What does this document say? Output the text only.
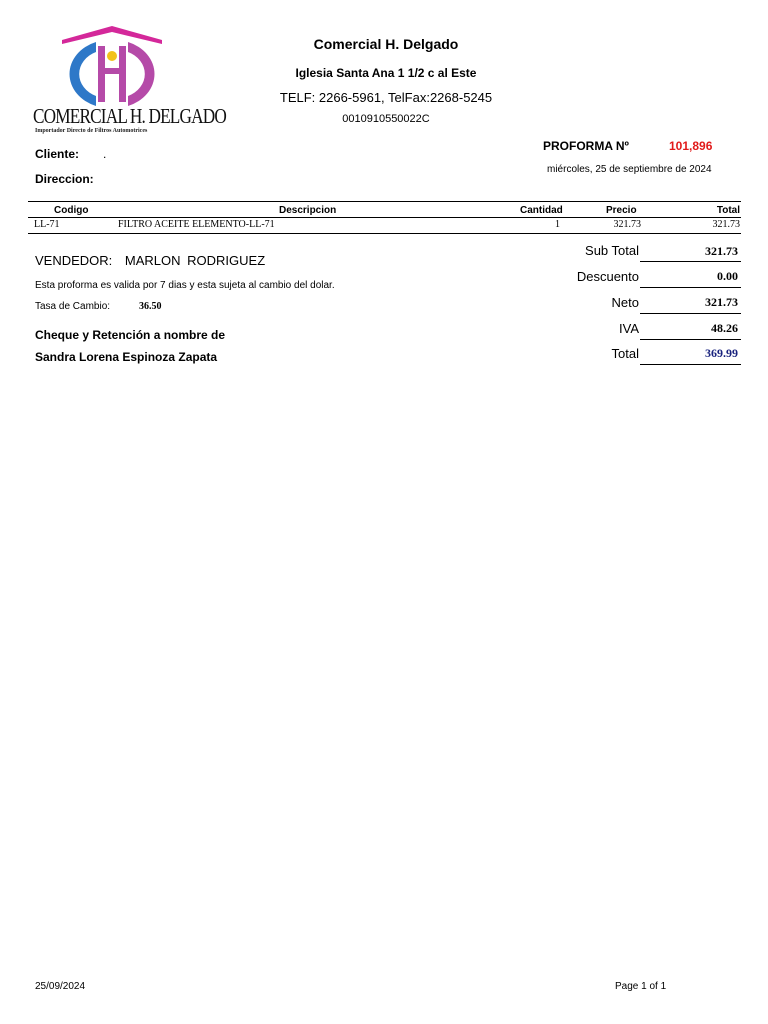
COMERCIAL H. DELGADO
Importador Directo de Filtros Automotrices
Comercial H. Delgado
Iglesia Santa Ana 1 1/2 c al Este
TELF: 2266-5961, TelFax:2268-5245
0010910550022C
PROFORMA Nº	101,896
miércoles, 25 de septiembre de 2024
Cliente: .
Direccion:
Codigo	Descripcion	Cantidad	Precio	Total
LL-71	FILTRO ACEITE ELEMENTO-LL-71	1	321.73	321.73
VENDEDOR: MARLON RODRIGUEZ
Esta proforma es valida por 7 dias y esta sujeta al cambio del dolar.
Tasa de Cambio:	36.50
Cheque y Retención a nombre de
Sandra Lorena Espinoza Zapata
Sub Total	321.73
Descuento	0.00
Neto	321.73
IVA	48.26
Total	369.99
25/09/2024	Page 1 of 1
